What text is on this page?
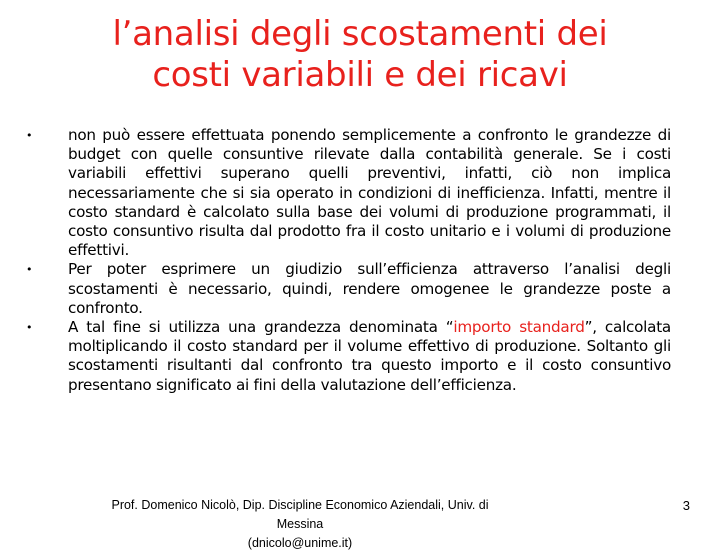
l’analisi degli scostamenti dei
costi variabili e dei ricavi
•	non può essere effettuata ponendo semplicemente a confronto le grandezze di budget con quelle consuntive rilevate dalla contabilità generale. Se i costi variabili effettivi superano quelli preventivi, infatti, ciò non implica necessariamente che si sia operato in condizioni di inefficienza. Infatti, mentre il costo standard è calcolato sulla base dei volumi di produzione programmati, il costo consuntivo risulta dal prodotto fra il costo unitario e i volumi di produzione effettivi.
•	Per poter esprimere un giudizio sull’efficienza attraverso l’analisi degli scostamenti è necessario, quindi, rendere omogenee le grandezze poste a confronto.
•	A tal fine si utilizza una grandezza denominata “importo standard”, calcolata moltiplicando il costo standard per il volume effettivo di produzione. Soltanto gli scostamenti risultanti dal confronto tra questo importo e il costo consuntivo presentano significato ai fini della valutazione dell’efficienza.
Prof. Domenico Nicolò, Dip. Discipline Economico Aziendali, Univ. di Messina
(dnicolo@unime.it)
3
